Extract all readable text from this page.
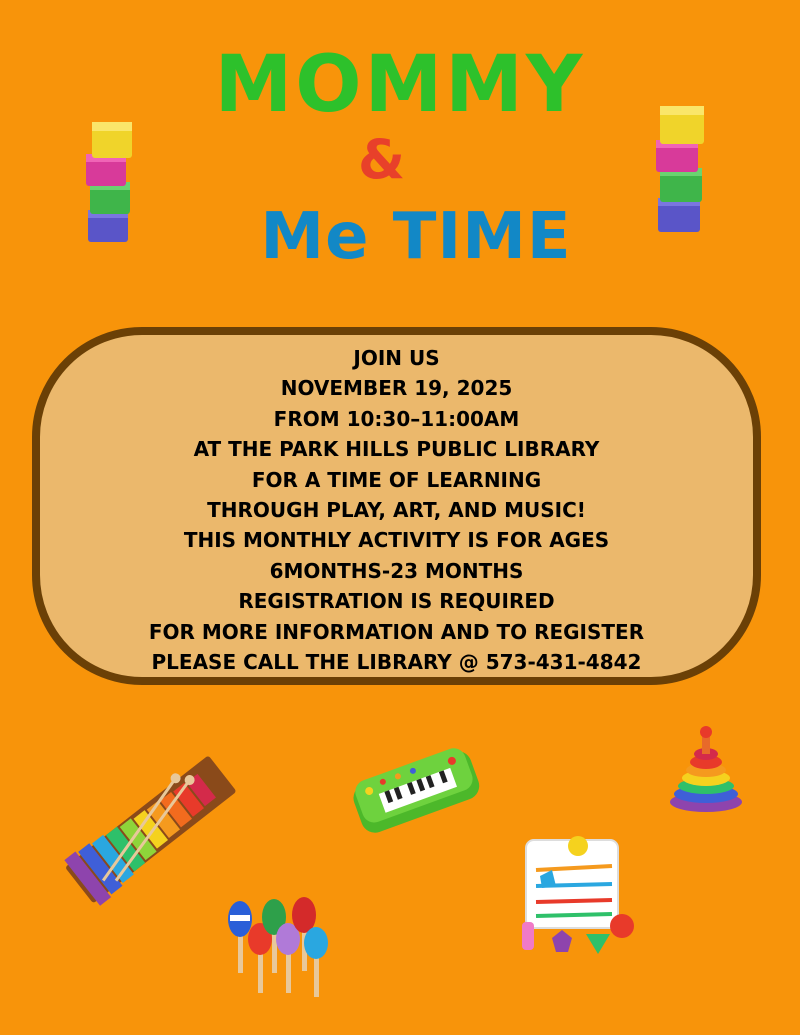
MOMMY
&
Me TIME
JOIN US
NOVEMBER 19, 2025
FROM 10:30–11:00AM
AT THE PARK HILLS PUBLIC LIBRARY
FOR A TIME OF LEARNING
THROUGH PLAY, ART, AND MUSIC!
THIS MONTHLY ACTIVITY IS FOR AGES
6MONTHS-23 MONTHS
REGISTRATION IS REQUIRED
FOR MORE INFORMATION AND TO REGISTER
PLEASE CALL THE LIBRARY @ 573-431-4842
